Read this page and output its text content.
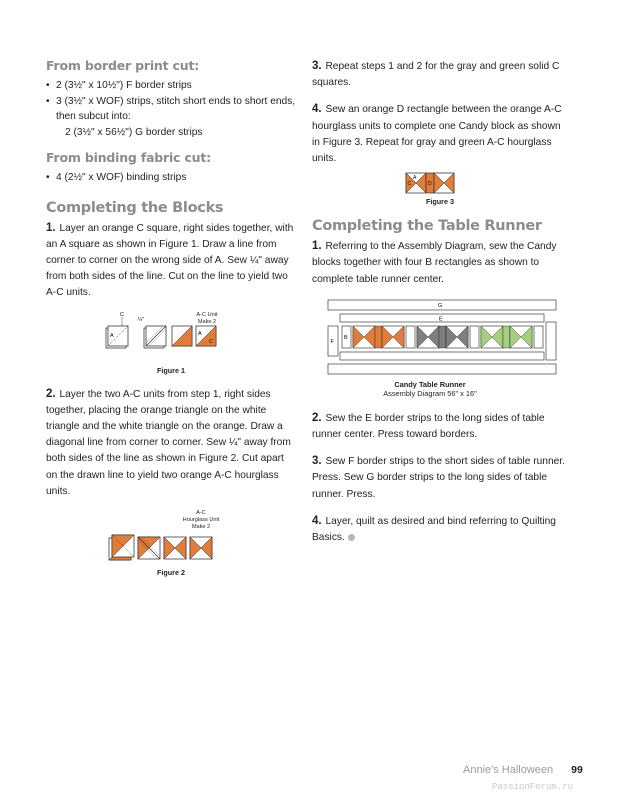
From border print cut:
• 2 (3½" x 10½") F border strips
• 3 (3½" x WOF) strips, stitch short ends to short ends, then subcut into:
2 (3½" x 56½") G border strips
From binding fabric cut:
• 4 (2½" x WOF) binding strips
Completing the Blocks

1. Layer an orange C square, right sides together, with an A square as shown in Figure 1. Draw a line from corner to corner on the wrong side of A. Sew ¼" away from both sides of the line. Cut on the line to yield two A-C units.

A
C
¼"
A
C
A-C Unit
Make 2
Figure 1

2. Layer the two A-C units from step 1, right sides together, placing the orange triangle on the white triangle and the white triangle on the orange. Draw a diagonal line from corner to corner. Sew ¼" away from both sides of the line as shown in Figure 2. Cut apart on the drawn line to yield two orange A-C hourglass units.

A-C
Hourglass Unit
Make 2
Figure 2

3. Repeat steps 1 and 2 for the gray and green solid C squares.

4. Sew an orange D rectangle between the orange A-C hourglass units to complete one Candy block as shown in Figure 3. Repeat for gray and green A-C hourglass units.

A
C	D
Figure 3
Completing the Table Runner

1. Referring to the Assembly Diagram, sew the Candy blocks together with four B rectangles as shown to complete table runner center.

G
E
F
B
Candy Table Runner
Assembly Diagram 56" x 16"

2. Sew the E border strips to the long sides of table runner center. Press toward borders.

3. Sew F border strips to the short sides of table runner. Press. Sew G border strips to the long sides of table runner. Press.

4. Layer, quilt as desired and bind referring to Quilting Basics.

Annie's Halloween 99
PassionForum.ru
